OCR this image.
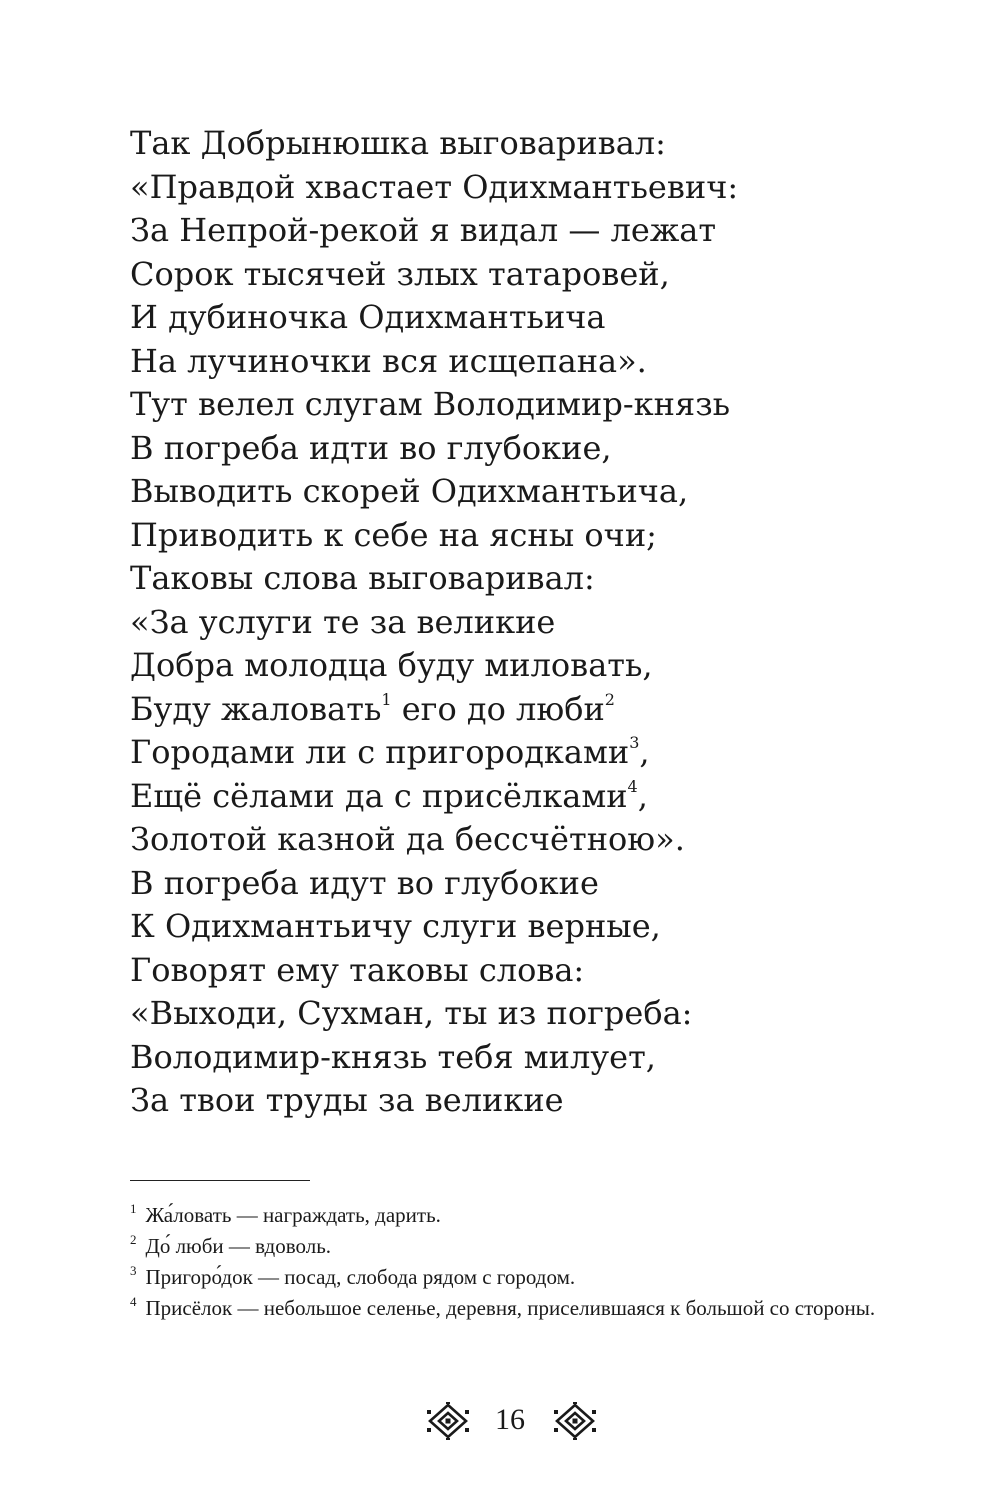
Так Добрынюшка выговаривал:
«Правдой хвастает Одихмантьевич:
За Непрой-рекой я видал — лежат
Сорок тысячей злых татаровей,
И дубиночка Одихмантьича
На лучиночки вся исщепана».
Тут велел слугам Володимир-князь
В погреба идти во глубокие,
Выводить скорей Одихмантьича,
Приводить к себе на ясны очи;
Таковы слова выговаривал:
«За услуги те за великие
Добра молодца буду миловать,
Буду жаловать$^1$ его до люби$^2$
Городами ли с пригородками$^3$,
Ещё сёлами да с присёлками$^4$,
Золотой казной да бессчётною».
В погреба идут во глубокие
К Одихмантьичу слуги верные,
Говорят ему таковы слова:
«Выходи, Сухман, ты из погреба:
Володимир-князь тебя милует,
За твои труды за великие
$^1$ Жа́ловать — награждать, дарить.
$^2$ До́ люби — вдоволь.
$^3$ Пригоро́док — посад, слобода рядом с городом.
$^4$ Присёлок — небольшое селенье, деревня, приселившаяся к большой со стороны.
16
